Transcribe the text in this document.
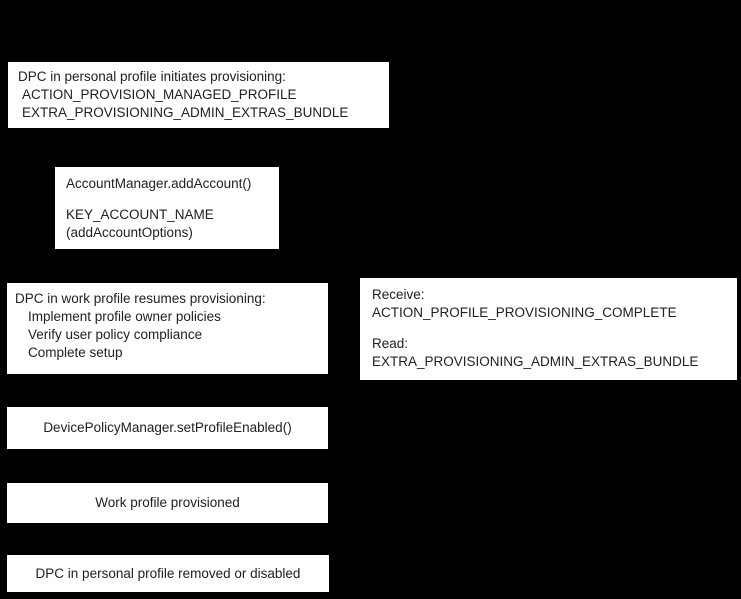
DPC in personal profile initiates provisioning:
ACTION_PROVISION_MANAGED_PROFILE
EXTRA_PROVISIONING_ADMIN_EXTRAS_BUNDLE
AccountManager.addAccount()
KEY_ACCOUNT_NAME
(addAccountOptions)
DPC in work profile resumes provisioning:
Implement profile owner policies
Verify user policy compliance
Complete setup
Receive:
ACTION_PROFILE_PROVISIONING_COMPLETE
Read:
EXTRA_PROVISIONING_ADMIN_EXTRAS_BUNDLE
DevicePolicyManager.setProfileEnabled()
Work profile provisioned
DPC in personal profile removed or disabled
